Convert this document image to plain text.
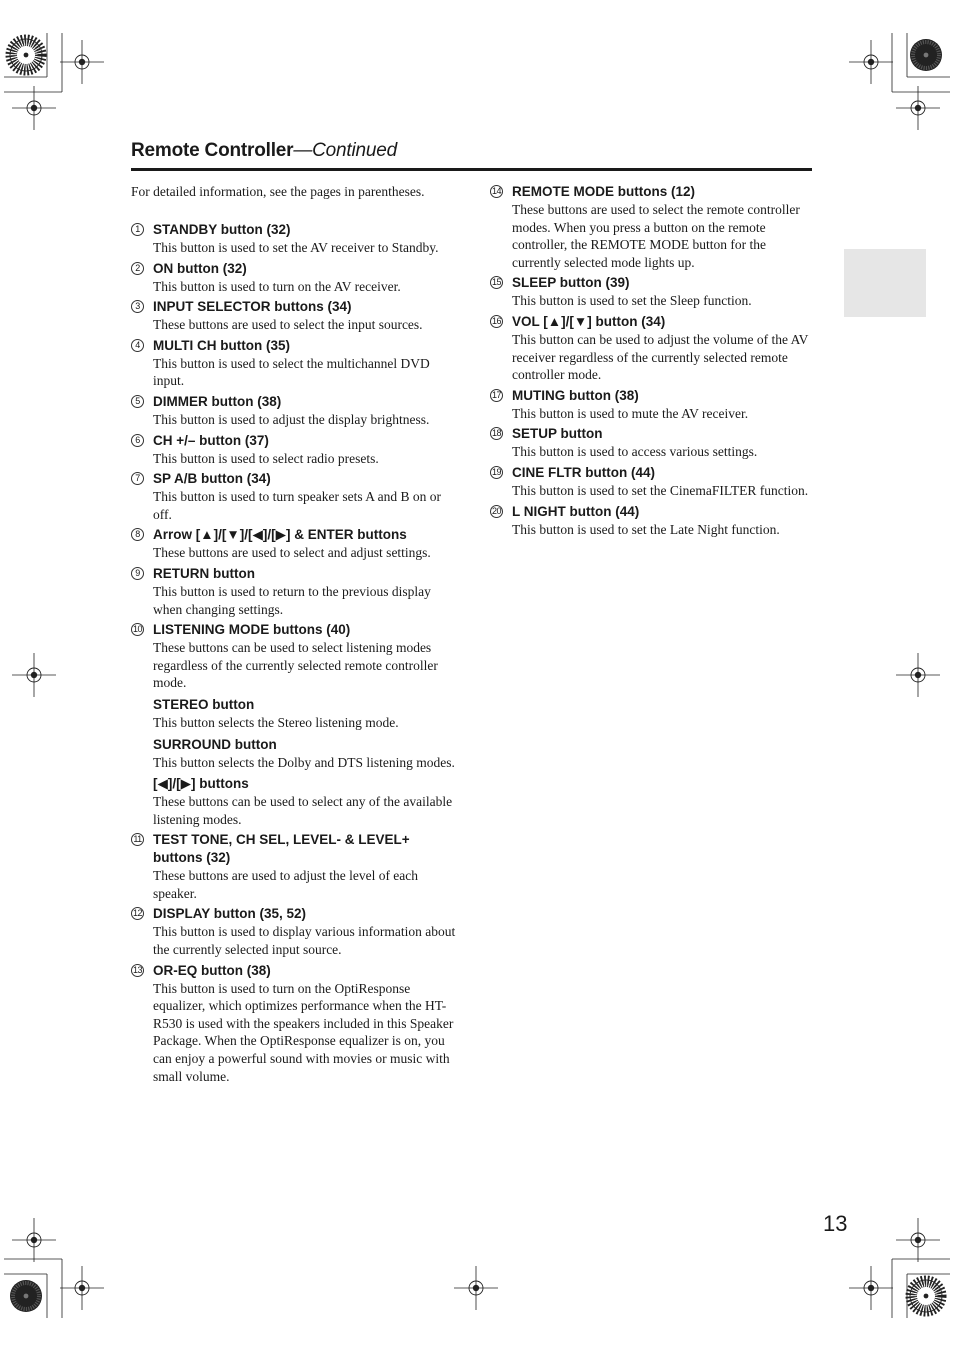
Remote Controller—Continued
For detailed information, see the pages in parentheses.
1 STANDBY button (32)
This button is used to set the AV receiver to Standby.
2 ON button (32)
This button is used to turn on the AV receiver.
3 INPUT SELECTOR buttons (34)
These buttons are used to select the input sources.
4 MULTI CH button (35)
This button is used to select the multichannel DVD input.
5 DIMMER button (38)
This button is used to adjust the display brightness.
6 CH +/– button (37)
This button is used to select radio presets.
7 SP A/B button (34)
This button is used to turn speaker sets A and B on or off.
8 Arrow [▲]/[▼]/[◀]/[▶] & ENTER buttons
These buttons are used to select and adjust settings.
9 RETURN button
This button is used to return to the previous display when changing settings.
10 LISTENING MODE buttons (40)
These buttons can be used to select listening modes regardless of the currently selected remote controller mode.
STEREO button
This button selects the Stereo listening mode.
SURROUND button
This button selects the Dolby and DTS listening modes.
[◀]/[▶] buttons
These buttons can be used to select any of the available listening modes.
11 TEST TONE, CH SEL, LEVEL- & LEVEL+
buttons (32)
These buttons are used to adjust the level of each speaker.
12 DISPLAY button (35, 52)
This button is used to display various information about the currently selected input source.
13 OR-EQ button (38)
This button is used to turn on the OptiResponse equalizer, which optimizes performance when the HT-R530 is used with the speakers included in this Speaker Package. When the OptiResponse equalizer is on, you can enjoy a powerful sound with movies or music with small volume.
14 REMOTE MODE buttons (12)
These buttons are used to select the remote controller modes. When you press a button on the remote controller, the REMOTE MODE button for the currently selected mode lights up.
15 SLEEP button (39)
This button is used to set the Sleep function.
16 VOL [▲]/[▼] button (34)
This button can be used to adjust the volume of the AV receiver regardless of the currently selected remote controller mode.
17 MUTING button (38)
This button is used to mute the AV receiver.
18 SETUP button
This button is used to access various settings.
19 CINE FLTR button (44)
This button is used to set the CinemaFILTER function.
20 L NIGHT button (44)
This button is used to set the Late Night function.
13
